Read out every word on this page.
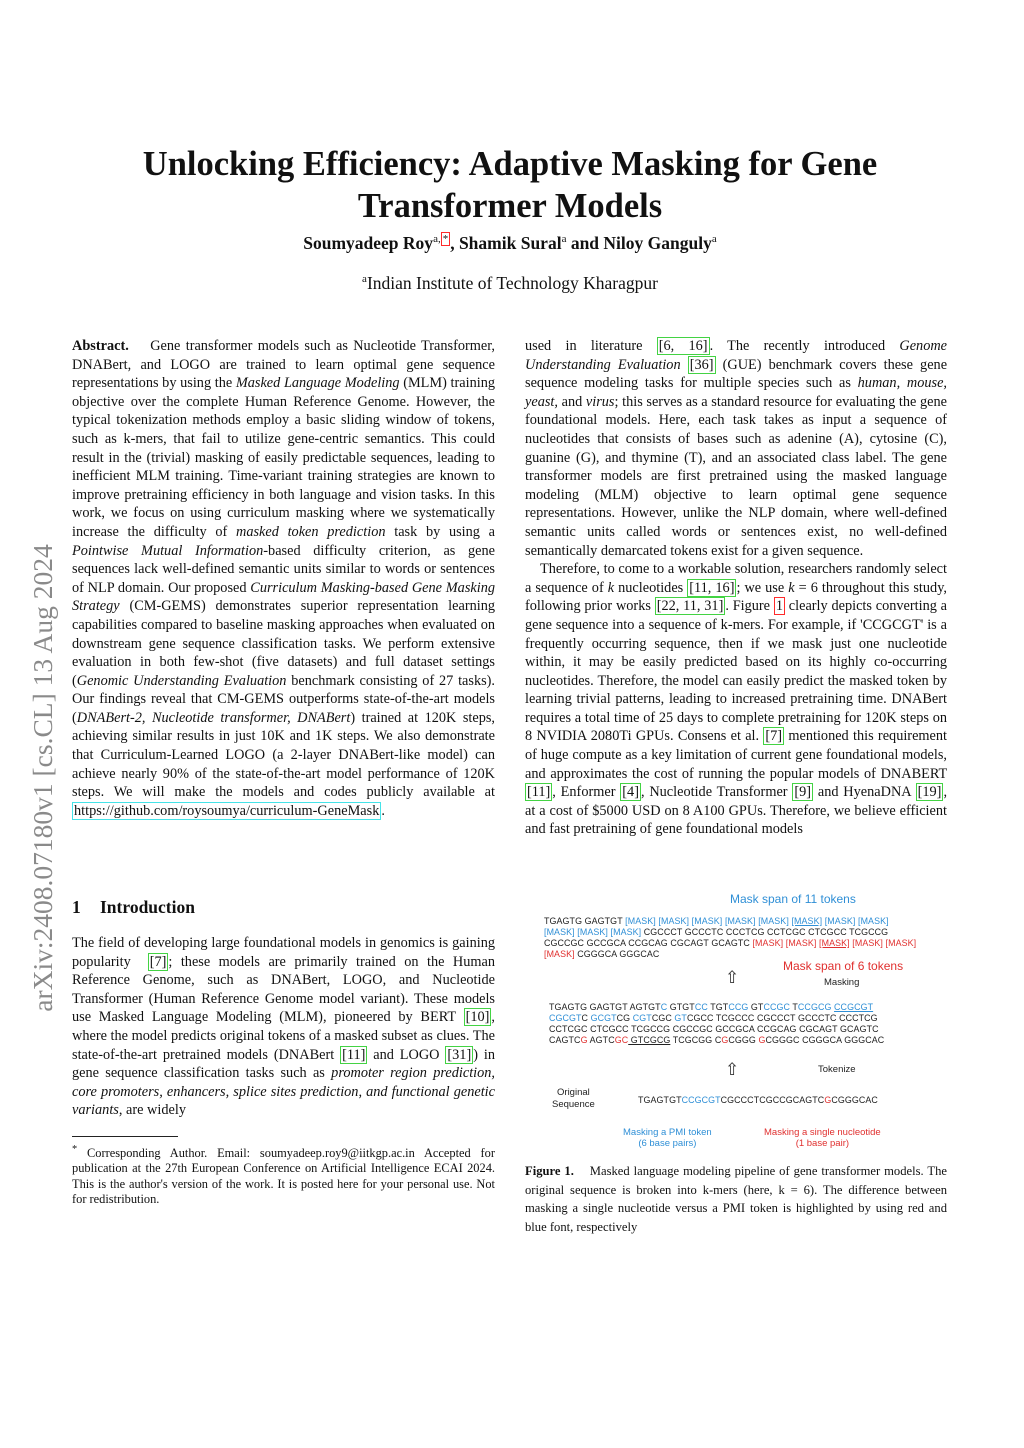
arXiv:2408.07180v1 [cs.CL] 13 Aug 2024
Unlocking Efficiency: Adaptive Masking for Gene
Transformer Models
Soumyadeep Roy$^{a,}$ * , Shamik Sural$^a$ and Niloy Ganguly$^a$
$^a$Indian Institute of Technology Kharagpur

Abstract. Gene transformer models such as Nucleotide Transformer, DNABert, and LOGO are trained to learn optimal gene sequence representations by using the Masked Language Modeling (MLM) training objective over the complete Human Reference Genome. However, the typical tokenization methods employ a basic sliding window of tokens, such as k-mers, that fail to utilize gene-centric semantics. This could result in the (trivial) masking of easily predictable sequences, leading to inefficient MLM training. Time-variant training strategies are known to improve pretraining efficiency in both language and vision tasks. In this work, we focus on using curriculum masking where we systematically increase the difficulty of masked token prediction task by using a Pointwise Mutual Information-based difficulty criterion, as gene sequences lack well-defined semantic units similar to words or sentences of NLP domain. Our proposed Curriculum Masking-based Gene Masking Strategy (CM-GEMS) demonstrates superior representation learning capabilities compared to baseline masking approaches when evaluated on downstream gene sequence classification tasks. We perform extensive evaluation in both few-shot (five datasets) and full dataset settings (Genomic Understanding Evaluation benchmark consisting of 27 tasks). Our findings reveal that CM-GEMS outperforms state-of-the-art models (DNABert-2, Nucleotide transformer, DNABert) trained at 120K steps, achieving similar results in just 10K and 1K steps. We also demonstrate that Curriculum-Learned LOGO (a 2-layer DNABert-like model) can achieve nearly 90% of the state-of-the-art model performance of 120K steps. We will make the models and codes publicly available at https://github.com/roysoumya/curriculum-GeneMask .

1 Introduction

The field of developing large foundational models in genomics is gaining popularity [7] ; these models are primarily trained on the Human Reference Genome, such as DNABert, LOGO, and Nucleotide Transformer (Human Reference Genome model variant). These models use Masked Language Modeling (MLM), pioneered by BERT [10] , where the model predicts original tokens of a masked subset as clues. The state-of-the-art pretrained models (DNABert [11] and LOGO [31] ) in gene sequence classification tasks such as promoter region prediction, core promoters, enhancers, splice sites prediction, and functional genetic variants, are widely

* Corresponding Author. Email: soumyadeep.roy9@iitkgp.ac.in Accepted for publication at the 27th European Conference on Artificial Intelligence ECAI 2024. This is the author's version of the work. It is posted here for your personal use. Not for redistribution.

used in literature [6, 16] . The recently introduced Genome Understanding Evaluation [36] (GUE) benchmark covers these gene sequence modeling tasks for multiple species such as human, mouse, yeast, and virus; this serves as a standard resource for evaluating the gene foundational models. Here, each task takes as input a sequence of nucleotides that consists of bases such as adenine (A), cytosine (C), guanine (G), and thymine (T), and an associated class label. The gene transformer models are first pretrained using the masked language modeling (MLM) objective to learn optimal gene sequence representations. However, unlike the NLP domain, where well-defined semantic units called words or sentences exist, no well-defined semantically demarcated tokens exist for a given sequence.

Therefore, to come to a workable solution, researchers randomly select a sequence of k nucleotides [11, 16] ; we use k = 6 throughout this study, following prior works [22, 11, 31] . Figure 1 clearly depicts converting a gene sequence into a sequence of k-mers. For example, if 'CCGCGT' is a frequently occurring sequence, then if we mask just one nucleotide within, it may be easily predicted based on its highly co-occurring nucleotides. Therefore, the model can easily predict the masked token by learning trivial patterns, leading to increased pretraining time. DNABert requires a total time of 25 days to complete pretraining for 120K steps on 8 NVIDIA 2080Ti GPUs. Consens et al. [7] mentioned this requirement of huge compute as a key limitation of current gene foundational models, and approximates the cost of running the popular models of DNABERT [11] , Enformer [4] , Nucleotide Transformer [9] and HyenaDNA [19] , at a cost of $5000 USD on 8 A100 GPUs. Therefore, we believe efficient and fast pretraining of gene foundational models

Mask span of 11 tokens
TGAGTG GAGTGT [MASK] [MASK] [MASK] [MASK] [MASK] [MASK] [MASK] [MASK]
[MASK] [MASK] [MASK] CGCCCT GCCCTC CCCTCG CCTCGC CTCGCC TCGCCG
CGCCGC GCCGCA CCGCAG CGCAGT GCAGTC [MASK] [MASK] [MASK] [MASK] [MASK]
[MASK] CGGGCA GGGCAC
Mask span of 6 tokens
⇧	Masking
TGAGTG GAGTGT AGTGTC GTGTCC TGTCCG GTCCGC TCCGCG CCGCGT
CGCGTC GCGTCG CGTCGC GTCGCC TCGCCC CGCCCT GCCCTC CCCTCG
CCTCGC CTCGCC TCGCCG CGCCGC GCCGCA CCGCAG CGCAGT GCAGTC
CAGTCG AGTCGC GTCGCG TCGCGG CGCGGG GCGGGC CGGGCA GGGCAC
⇧	Tokenize
Original
Sequence	TGAGTGTCCGCGTCGCCCTCGCCGCAGTCGCGGGCAC
Masking a PMI token
(6 base pairs)
Masking a single nucleotide
(1 base pair)
Figure 1. Masked language modeling pipeline of gene transformer models. The original sequence is broken into k-mers (here, k = 6). The difference between masking a single nucleotide versus a PMI token is highlighted by using red and blue font, respectively
